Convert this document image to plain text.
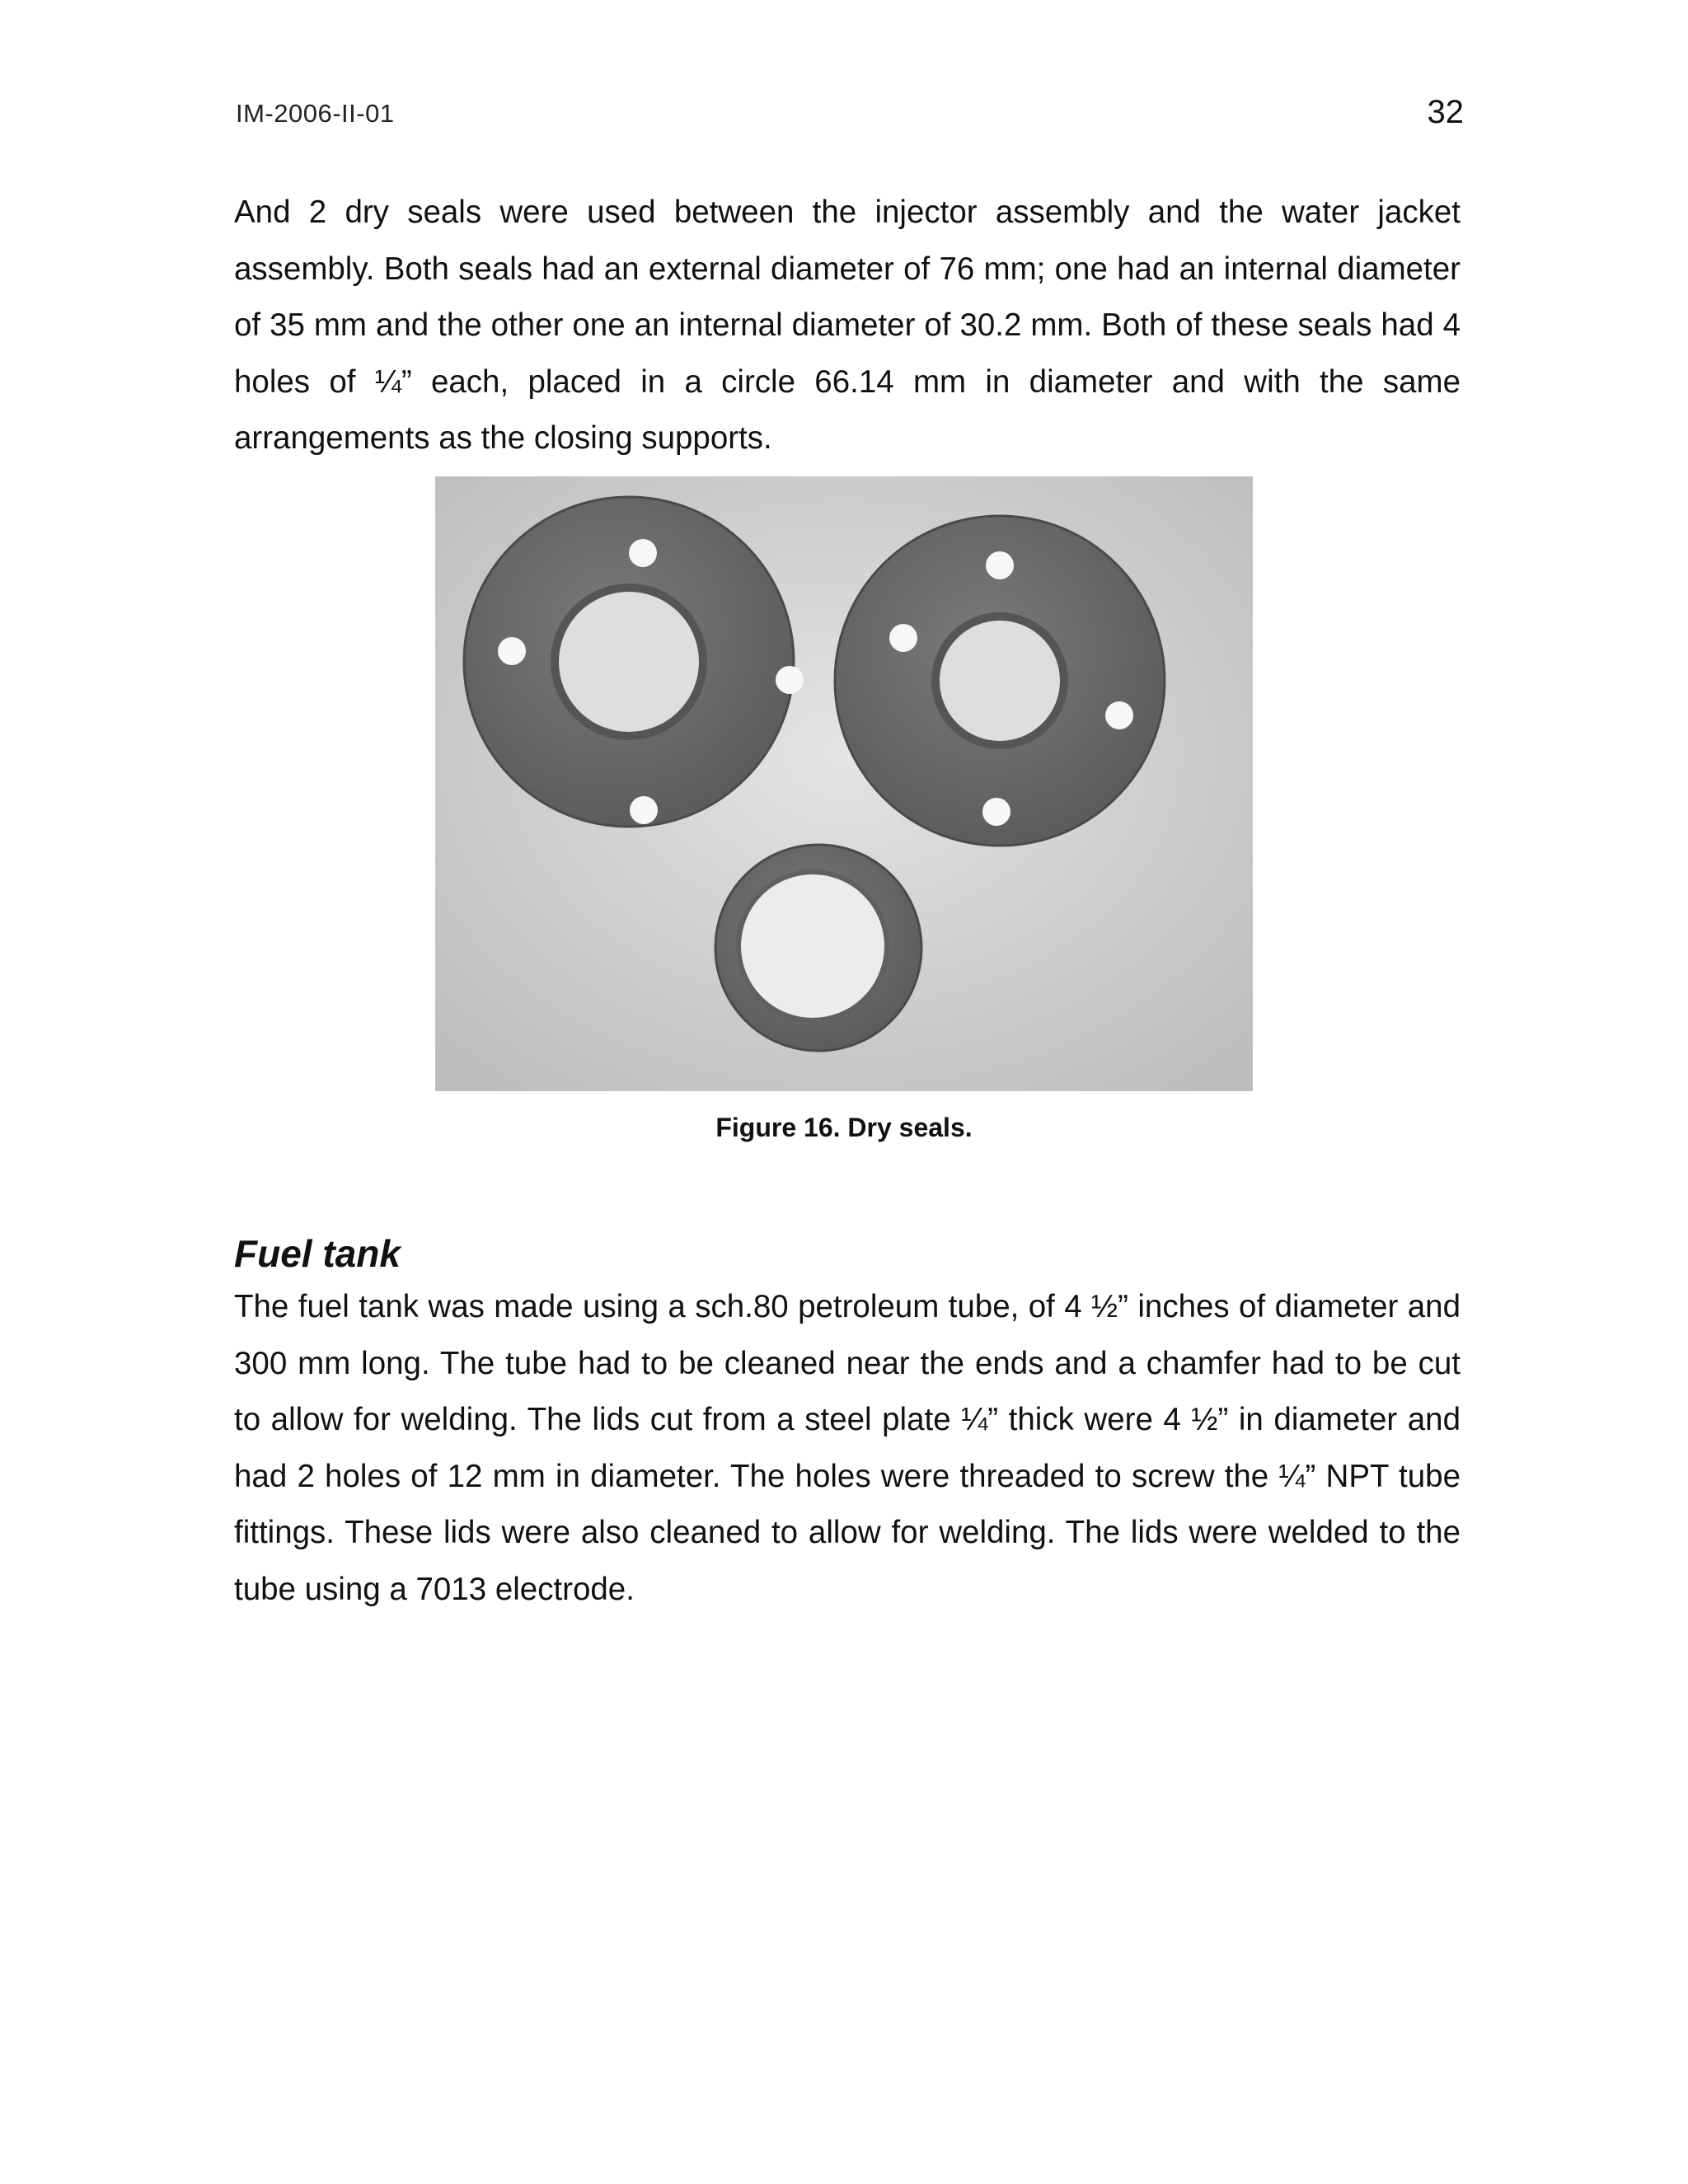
IM-2006-II-01	32

And 2 dry seals were used between the injector assembly and the water jacket assembly. Both seals had an external diameter of 76 mm; one had an internal diameter of 35 mm and the other one an internal diameter of 30.2 mm. Both of these seals had 4 holes of ¼” each, placed in a circle 66.14 mm in diameter and with the same arrangements as the closing supports.

Figure 16. Dry seals.
Fuel tank

The fuel tank was made using a sch.80 petroleum tube, of 4 ½” inches of diameter and 300 mm long. The tube had to be cleaned near the ends and a chamfer had to be cut to allow for welding. The lids cut from a steel plate ¼” thick were 4 ½” in diameter and had 2 holes of 12 mm in diameter. The holes were threaded to screw the ¼” NPT tube fittings. These lids were also cleaned to allow for welding. The lids were welded to the tube using a 7013 electrode.
